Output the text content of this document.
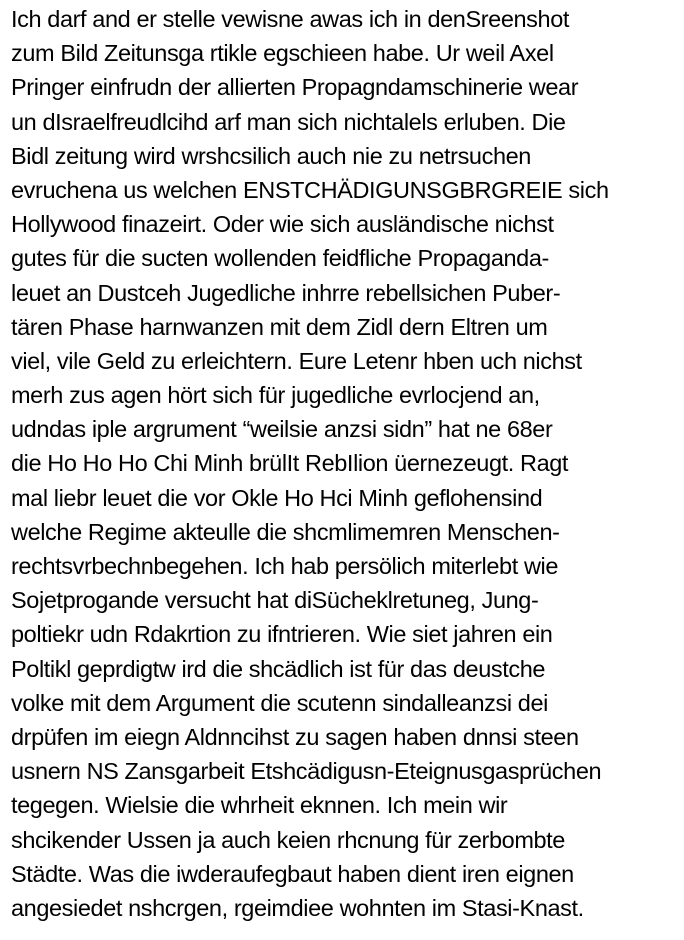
Ich darf and er stelle vewisne awas ich in denSreenshot
zum Bild Zeitunsga rtikle egschieen habe. Ur weil Axel
Pringer einfrudn der allierten Propagndamschinerie wear
un dIsraelfreudlcihd arf man sich nichtalels erluben. Die
Bidl zeitung wird wrshcsilich auch nie zu netrsuchen
evruchena us welchen ENSTCHÄDIGUNSGBRGREIE sich
Hollywood finazeirt. Oder wie sich ausländische nichst
gutes für die sucten wollenden feidfliche Propaganda-
leuet an Dustceh Jugedliche inhrre rebellsichen Puber-
tären Phase harnwanzen mit dem Zidl dern Eltren um
viel, vile Geld zu erleichtern. Eure Letenr hben uch nichst
merh zus agen hört sich für jugedliche evrlocjend an,
udndas iple argrument “weilsie anzsi sidn” hat ne 68er
die Ho Ho Ho Chi Minh brülIt RebIlion üernezeugt. Ragt
mal liebr leuet die vor Okle Ho Hci Minh geflohensind
welche Regime akteulle die shcmlimemren Menschen-
rechtsvrbechnbegehen. Ich hab persölich miterlebt wie
Sojetprogande versucht hat diSücheklretuneg, Jung-
poltiekr udn Rdakrtion zu ifntrieren. Wie siet jahren ein
Poltikl geprdigtw ird die shcädlich ist für das deustche
volke mit dem Argument die scutenn sindalleanzsi dei
drpüfen im eiegn Aldnncihst zu sagen haben dnnsi steen
usnern NS Zansgarbeit Etshcädigusn-Eteignusgasprüchen
tegegen. Wielsie die whrheit eknnen. Ich mein wir
shcikender Ussen ja auch keien rhcnung für zerbombte
Städte. Was die iwderaufegbaut haben dient iren eignen
angesiedet nshcrgen, rgeimdiee wohnten im Stasi-Knast.
